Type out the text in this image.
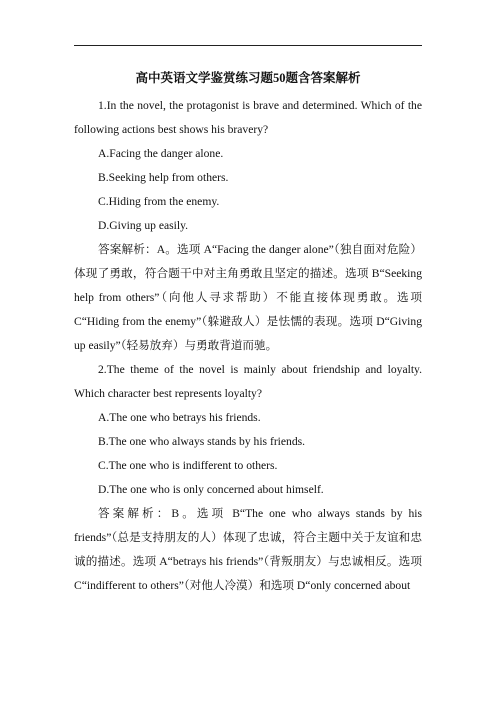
高中英语文学鉴赏练习题50题含答案解析

1.In the novel, the protagonist is brave and determined. Which of the following actions best shows his bravery?

A.Facing the danger alone.

B.Seeking help from others.

C.Hiding from the enemy.

D.Giving up easily.

答案解析：A。选项 A“Facing the danger alone”（独自面对危险）体现了勇敢，符合题干中对主角勇敢且坚定的描述。选项 B“Seeking help from others”（向他人寻求帮助）不能直接体现勇敢。选项 C“Hiding from the enemy”（躲避敌人）是怯懦的表现。选项 D“Giving up easily”（轻易放弃）与勇敢背道而驰。

2.The theme of the novel is mainly about friendship and loyalty. Which character best represents loyalty?

A.The one who betrays his friends.

B.The one who always stands by his friends.

C.The one who is indifferent to others.

D.The one who is only concerned about himself.

答案解析：B。选项 B“The one who always stands by his friends”（总是支持朋友的人）体现了忠诚，符合主题中关于友谊和忠诚的描述。选项 A“betrays his friends”（背叛朋友）与忠诚相反。选项 C“indifferent to others”（对他人冷漠）和选项 D“only concerned about
